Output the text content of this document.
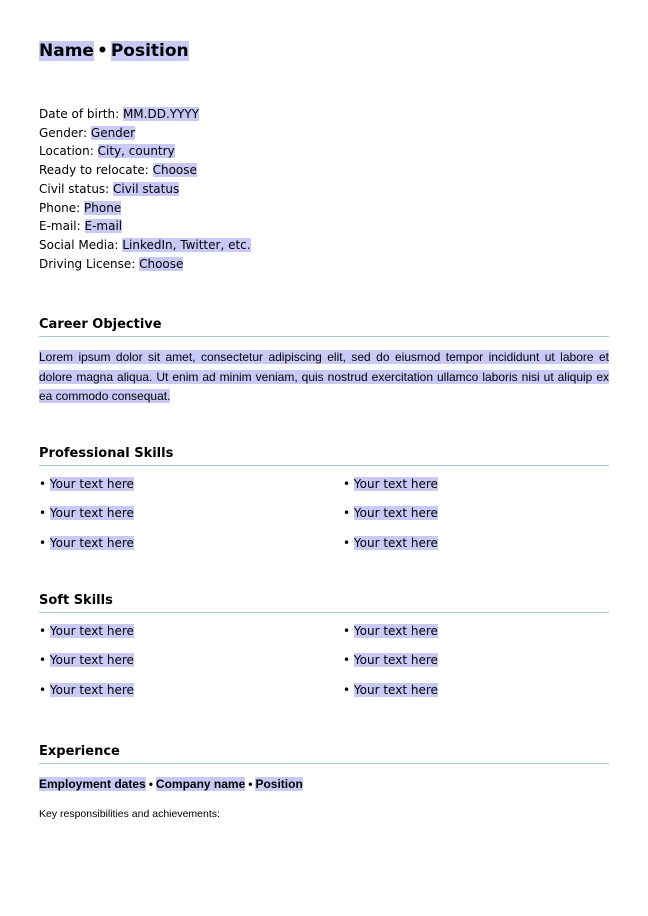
Name • Position
Date of birth: MM.DD.YYYY
Gender: Gender
Location: City, country
Ready to relocate: Choose
Civil status: Civil status
Phone: Phone
E-mail: E-mail
Social Media: LinkedIn, Twitter, etc.
Driving License: Choose
Career Objective
Lorem ipsum dolor sit amet, consectetur adipiscing elit, sed do eiusmod tempor incididunt ut labore et dolore magna aliqua. Ut enim ad minim veniam, quis nostrud exercitation ullamco laboris nisi ut aliquip ex ea commodo consequat.
Professional Skills
• Your text here	• Your text here
• Your text here	• Your text here
• Your text here	• Your text here
Soft Skills
• Your text here	• Your text here
• Your text here	• Your text here
• Your text here	• Your text here
Experience
Employment dates • Company name • Position
Key responsibilities and achievements:
